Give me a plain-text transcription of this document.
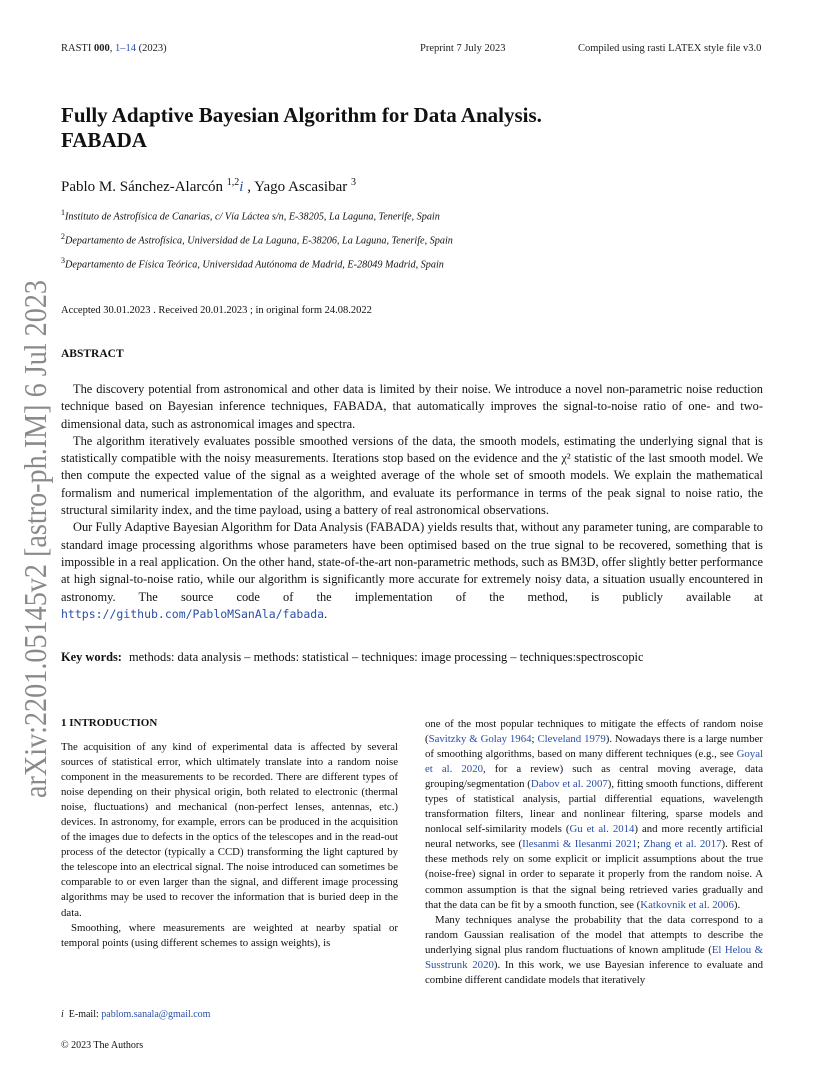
RASTI 000, 1–14 (2023)	Preprint 7 July 2023	Compiled using rasti LATEX style file v3.0
arXiv:2201.05145v2 [astro-ph.IM] 6 Jul 2023
Fully Adaptive Bayesian Algorithm for Data Analysis.
FABADA
Pablo M. Sánchez-Alarcón $^{1,2}$i , Yago Ascasibar $^3$
$^1$Instituto de Astrofísica de Canarias, c/ Vía Láctea s/n, E-38205, La Laguna, Tenerife, Spain
$^2$Departamento de Astrofísica, Universidad de La Laguna, E-38206, La Laguna, Tenerife, Spain
$^3$Departamento de Física Teórica, Universidad Autónoma de Madrid, E-28049 Madrid, Spain
Accepted 30.01.2023 . Received 20.01.2023 ; in original form 24.08.2022
ABSTRACT

The discovery potential from astronomical and other data is limited by their noise. We introduce a novel non-parametric noise reduction technique based on Bayesian inference techniques, FABADA, that automatically improves the signal-to-noise ratio of one- and two-dimensional data, such as astronomical images and spectra.

The algorithm iteratively evaluates possible smoothed versions of the data, the smooth models, estimating the underlying signal that is statistically compatible with the noisy measurements. Iterations stop based on the evidence and the χ² statistic of the last smooth model. We then compute the expected value of the signal as a weighted average of the whole set of smooth models. We explain the mathematical formalism and numerical implementation of the algorithm, and evaluate its performance in terms of the peak signal to noise ratio, the structural similarity index, and the time payload, using a battery of real astronomical observations.

Our Fully Adaptive Bayesian Algorithm for Data Analysis (FABADA) yields results that, without any parameter tuning, are comparable to standard image processing algorithms whose parameters have been optimised based on the true signal to be recovered, something that is impossible in a real application. On the other hand, state-of-the-art non-parametric methods, such as BM3D, offer slightly better performance at high signal-to-noise ratio, while our algorithm is significantly more accurate for extremely noisy data, a situation usually encountered in astronomy. The source code of the implementation of the method, is publicly available at https://github.com/PabloMSanAla/fabada.

Key words: methods: data analysis – methods: statistical – techniques: image processing – techniques:spectroscopic
1 INTRODUCTION

The acquisition of any kind of experimental data is affected by several sources of statistical error, which ultimately translate into a random noise component in the measurements to be recorded. There are different types of noise depending on their physical origin, both related to electronic (thermal noise, fluctuations) and mechanical (non-perfect lenses, antennas, etc.) devices. In astronomy, for example, errors can be produced in the acquisition of the images due to defects in the optics of the telescopes and in the read-out process of the detector (typically a CCD) transforming the light captured by the telescope into an electrical signal. The noise introduced can sometimes be comparable to or even larger than the signal, and different image processing algorithms may be used to recover the information that is buried deep in the data.

Smoothing, where measurements are weighted at nearby spatial or temporal points (using different schemes to assign weights), is

one of the most popular techniques to mitigate the effects of random noise (Savitzky & Golay 1964; Cleveland 1979). Nowadays there is a large number of smoothing algorithms, based on many different techniques (e.g., see Goyal et al. 2020, for a review) such as central moving average, data grouping/segmentation (Dabov et al. 2007), fitting smooth functions, different types of statistical analysis, partial differential equations, wavelength transformation filters, linear and nonlinear filtering, sparse models and nonlocal self-similarity models (Gu et al. 2014) and more recently artificial neural networks, see (Ilesanmi & Ilesanmi 2021; Zhang et al. 2017). Rest of these methods rely on some explicit or implicit assumptions about the true (noise-free) signal in order to separate it properly from the random noise. A common assumption is that the signal being retrieved varies gradually and that the data can be fit by a smooth function, see (Katkovnik et al. 2006).

Many techniques analyse the probability that the data correspond to a random Gaussian realisation of the model that attempts to describe the underlying signal plus random fluctuations of known amplitude (El Helou & Susstrunk 2020). In this work, we use Bayesian inference to evaluate and combine different candidate models that iteratively

i E-mail: pablom.sanala@gmail.com
© 2023 The Authors
